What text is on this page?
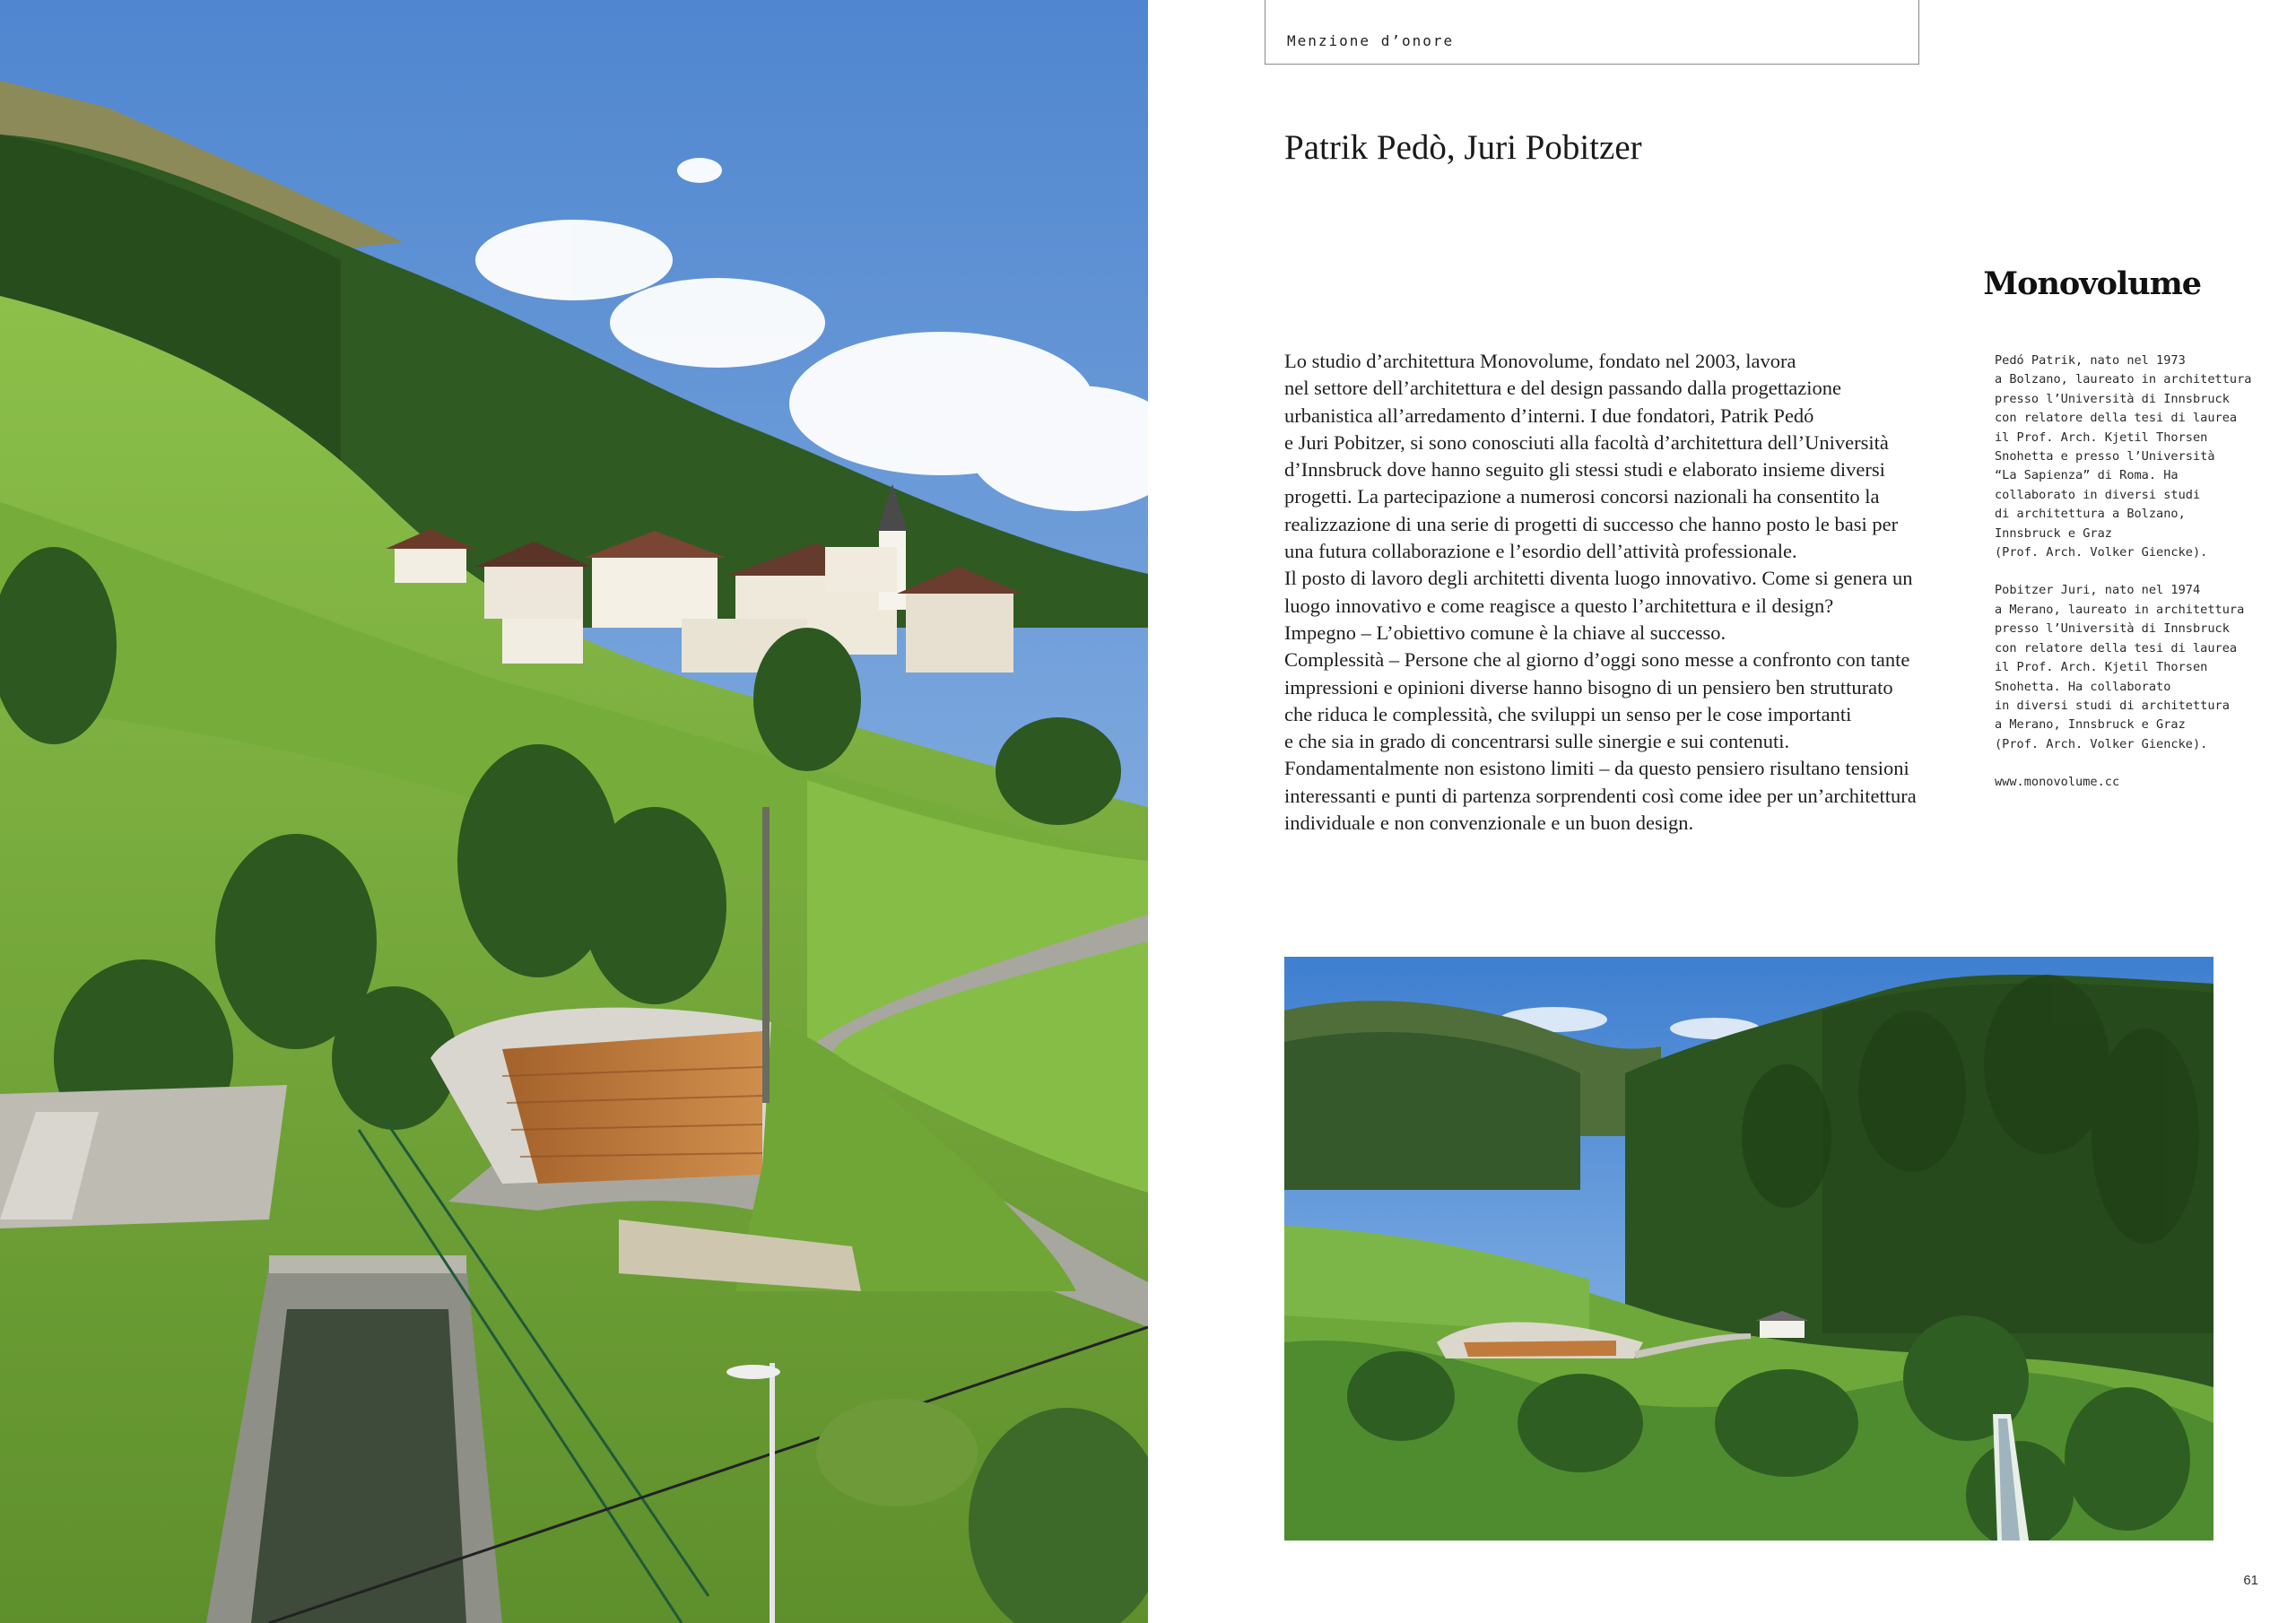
Menzione d’onore
Patrik Pedò, Juri Pobitzer
Monovolume

Lo studio d’architettura Monovolume, fondato nel 2003, lavora

nel settore dell’architettura e del design passando dalla progettazione

urbanistica all’arredamento d’interni. I due fondatori, Patrik Pedó

e Juri Pobitzer, si sono conosciuti alla facoltà d’architettura dell’Università

d’Innsbruck dove hanno seguito gli stessi studi e elaborato insieme diversi

progetti. La partecipazione a numerosi concorsi nazionali ha consentito la

realizzazione di una serie di progetti di successo che hanno posto le basi per

una futura collaborazione e l’esordio dell’attività professionale.

Il posto di lavoro degli architetti diventa luogo innovativo. Come si genera un

luogo innovativo e come reagisce a questo l’architettura e il design?

Impegno – L’obiettivo comune è la chiave al successo.

Complessità – Persone che al giorno d’oggi sono messe a confronto con tante

impressioni e opinioni diverse hanno bisogno di un pensiero ben strutturato

che riduca le complessità, che sviluppi un senso per le cose importanti

e che sia in grado di concentrarsi sulle sinergie e sui contenuti.

Fondamentalmente non esistono limiti – da questo pensiero risultano tensioni

interessanti e punti di partenza sorprendenti così come idee per un’architettura

individuale e non convenzionale e un buon design.

Pedó Patrik, nato nel 1973

a Bolzano, laureato in architettura

presso l’Università di Innsbruck

con relatore della tesi di laurea

il Prof. Arch. Kjetil Thorsen

Snohetta e presso l’Università

“La Sapienza” di Roma. Ha

collaborato in diversi studi

di architettura a Bolzano,

Innsbruck e Graz

(Prof. Arch. Volker Giencke).

Pobitzer Juri, nato nel 1974

a Merano, laureato in architettura

presso l’Università di Innsbruck

con relatore della tesi di laurea

il Prof. Arch. Kjetil Thorsen

Snohetta. Ha collaborato

in diversi studi di architettura

a Merano, Innsbruck e Graz

(Prof. Arch. Volker Giencke).

www.monovolume.cc

61
